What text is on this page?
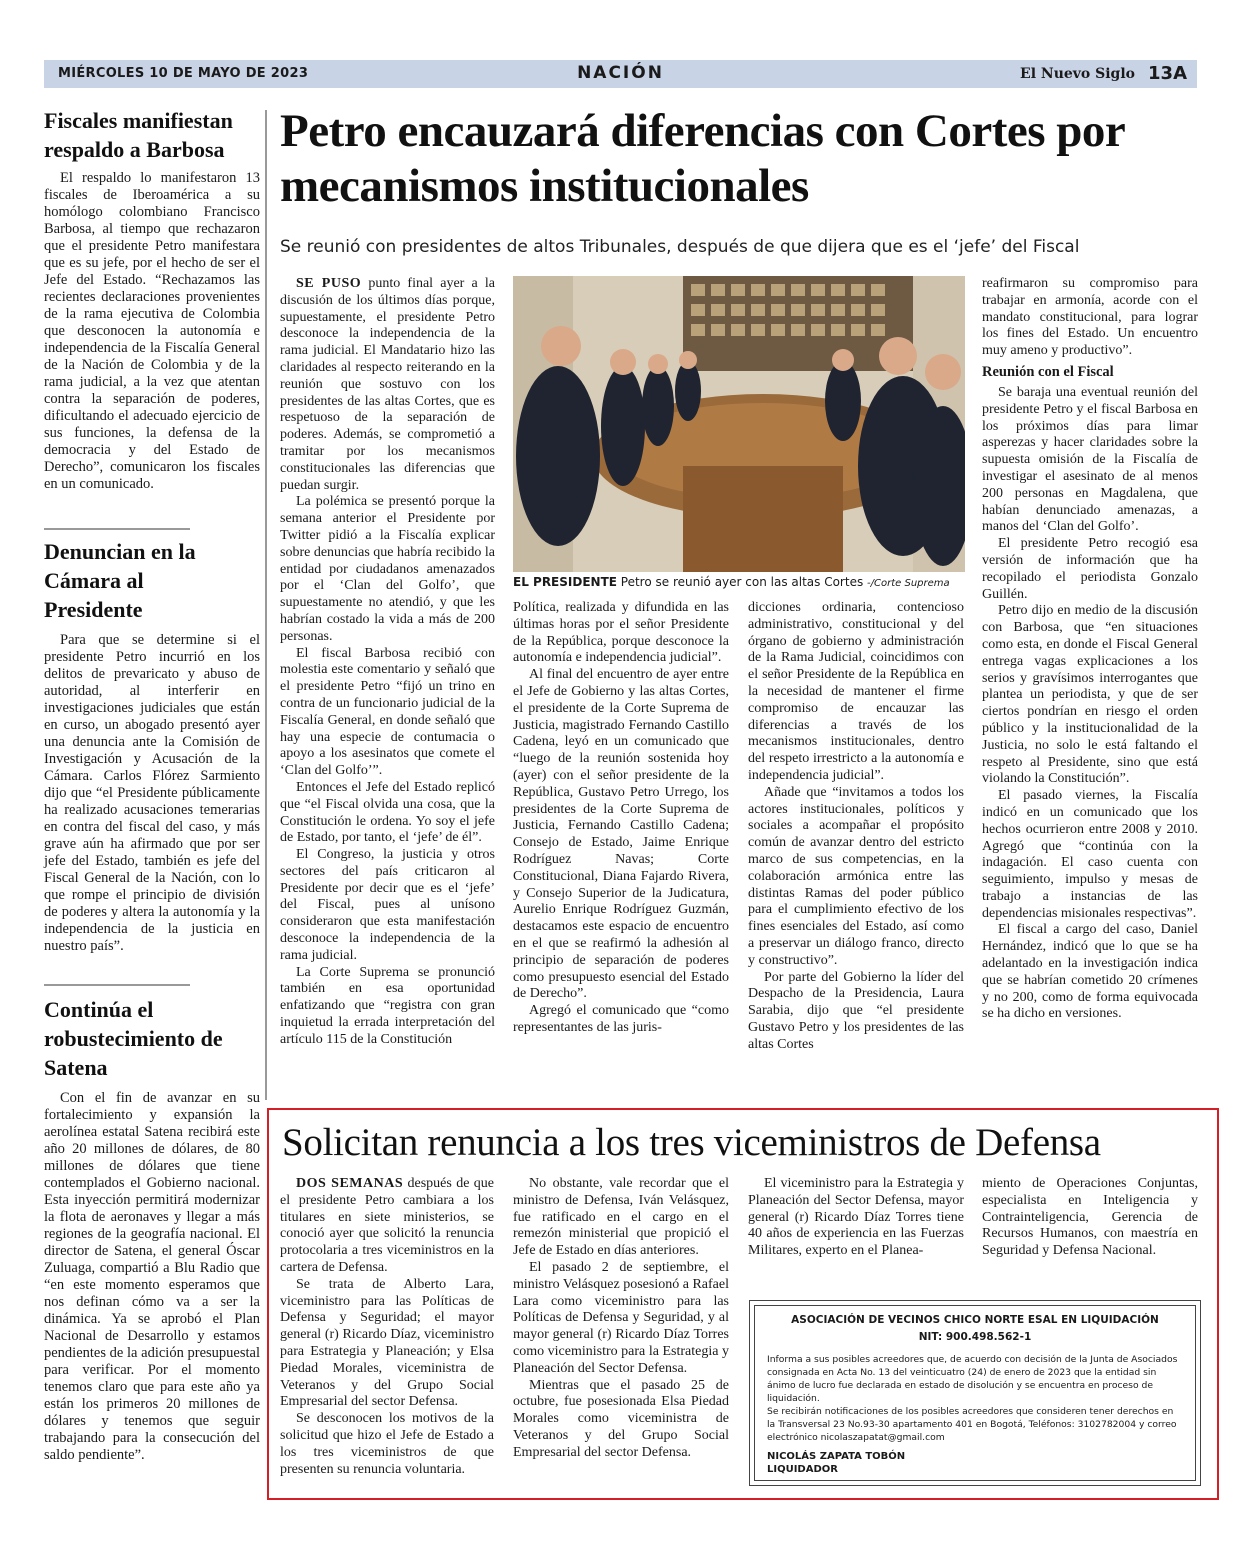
MIÉRCOLES 10 DE MAYO DE 2023	NACIÓN	El Nuevo Siglo 13A
Fiscales manifiestan respaldo a Barbosa

El respaldo lo manifestaron 13 fiscales de Iberoamérica a su homólogo colombiano Francisco Barbosa, al tiempo que rechazaron que el presidente Petro manifestara que es su jefe, por el hecho de ser el Jefe del Estado. “Rechazamos las recientes declaraciones provenientes de la rama ejecutiva de Colombia que desconocen la autonomía e independencia de la Fiscalía General de la Nación de Colombia y de la rama judicial, a la vez que atentan contra la separación de poderes, dificultando el adecuado ejercicio de sus funciones, la defensa de la democracia y del Estado de Derecho”, comunicaron los fiscales en un comunicado.

Denuncian en la Cámara al Presidente

Para que se determine si el presidente Petro incurrió en los delitos de prevaricato y abuso de autoridad, al interferir en investigaciones judiciales que están en curso, un abogado presentó ayer una denuncia ante la Comisión de Investigación y Acusación de la Cámara. Carlos Flórez Sarmiento dijo que “el Presidente públicamente ha realizado acusaciones temerarias en contra del fiscal del caso, y más grave aún ha afirmado que por ser jefe del Estado, también es jefe del Fiscal General de la Nación, con lo que rompe el principio de división de poderes y altera la autonomía y la independencia de la justicia en nuestro país”.

Continúa el robustecimiento de Satena

Con el fin de avanzar en su fortalecimiento y expansión la aerolínea estatal Satena recibirá este año 20 millones de dólares, de 80 millones de dólares que tiene contemplados el Gobierno nacional. Esta inyección permitirá modernizar la flota de aeronaves y llegar a más regiones de la geografía nacional. El director de Satena, el general Óscar Zuluaga, compartió a Blu Radio que “en este momento esperamos que nos definan cómo va a ser la dinámica. Ya se aprobó el Plan Nacional de Desarrollo y estamos pendientes de la adición presupuestal para verificar. Por el momento tenemos claro que para este año ya están los primeros 20 millones de dólares y tenemos que seguir trabajando para la consecución del saldo pendiente”.

Petro encauzará diferencias con Cortes por mecanismos institucionales
Se reunió con presidentes de altos Tribunales, después de que dijera que es el ‘jefe’ del Fiscal

SE PUSO punto final ayer a la discusión de los últimos días porque, supuestamente, el presidente Petro desconoce la independencia de la rama judicial. El Mandatario hizo las claridades al respecto reiterando en la reunión que sostuvo con los presidentes de las altas Cortes, que es respetuoso de la separación de poderes. Además, se comprometió a tramitar por los mecanismos constitucionales las diferencias que puedan surgir.

La polémica se presentó porque la semana anterior el Presidente por Twitter pidió a la Fiscalía explicar sobre denuncias que habría recibido la entidad por ciudadanos amenazados por el ‘Clan del Golfo’, que supuestamente no atendió, y que les habrían costado la vida a más de 200 personas.

El fiscal Barbosa recibió con molestia este comentario y señaló que el presidente Petro “fijó un trino en contra de un funcionario judicial de la Fiscalía General, en donde señaló que hay una especie de contumacia o apoyo a los asesinatos que comete el ‘Clan del Golfo’”.

Entonces el Jefe del Estado replicó que “el Fiscal olvida una cosa, que la Constitución le ordena. Yo soy el jefe de Estado, por tanto, el ‘jefe’ de él”.

El Congreso, la justicia y otros sectores del país criticaron al Presidente por decir que es el ‘jefe’ del Fiscal, pues al unísono consideraron que esta manifestación desconoce la independencia de la rama judicial.

La Corte Suprema se pronunció también en esa oportunidad enfatizando que “registra con gran inquietud la errada interpretación del artículo 115 de la Constitución

EL PRESIDENTE Petro se reunió ayer con las altas Cortes -/Corte Suprema

Política, realizada y difundida en las últimas horas por el señor Presidente de la República, porque desconoce la autonomía e independencia judicial”.

Al final del encuentro de ayer entre el Jefe de Gobierno y las altas Cortes, el presidente de la Corte Suprema de Justicia, magistrado Fernando Castillo Cadena, leyó en un comunicado que “luego de la reunión sostenida hoy (ayer) con el señor presidente de la República, Gustavo Petro Urrego, los presidentes de la Corte Suprema de Justicia, Fernando Castillo Cadena; Consejo de Estado, Jaime Enrique Rodríguez Navas; Corte Constitucional, Diana Fajardo Rivera, y Consejo Superior de la Judicatura, Aurelio Enrique Rodríguez Guzmán, destacamos este espacio de encuentro en el que se reafirmó la adhesión al principio de separación de poderes como presupuesto esencial del Estado de Derecho”.

Agregó el comunicado que “como representantes de las juris-

dicciones ordinaria, contencioso administrativo, constitucional y del órgano de gobierno y administración de la Rama Judicial, coincidimos con el señor Presidente de la República en la necesidad de mantener el firme compromiso de encauzar las diferencias a través de los mecanismos institucionales, dentro del respeto irrestricto a la autonomía e independencia judicial”.

Añade que “invitamos a todos los actores institucionales, políticos y sociales a acompañar el propósito común de avanzar dentro del estricto marco de sus competencias, en la colaboración armónica entre las distintas Ramas del poder público para el cumplimiento efectivo de los fines esenciales del Estado, así como a preservar un diálogo franco, directo y constructivo”.

Por parte del Gobierno la líder del Despacho de la Presidencia, Laura Sarabia, dijo que “el presidente Gustavo Petro y los presidentes de las altas Cortes

reafirmaron su compromiso para trabajar en armonía, acorde con el mandato constitucional, para lograr los fines del Estado. Un encuentro muy ameno y productivo”.

Reunión con el Fiscal

Se baraja una eventual reunión del presidente Petro y el fiscal Barbosa en los próximos días para limar asperezas y hacer claridades sobre la supuesta omisión de la Fiscalía de investigar el asesinato de al menos 200 personas en Magdalena, que habían denunciado amenazas, a manos del ‘Clan del Golfo’.

El presidente Petro recogió esa versión de información que ha recopilado el periodista Gonzalo Guillén.

Petro dijo en medio de la discusión con Barbosa, que “en situaciones como esta, en donde el Fiscal General entrega vagas explicaciones a los serios y gravísimos interrogantes que plantea un periodista, y que de ser ciertos pondrían en riesgo el orden público y la institucionalidad de la Justicia, no solo le está faltando el respeto al Presidente, sino que está violando la Constitución”.

El pasado viernes, la Fiscalía indicó en un comunicado que los hechos ocurrieron entre 2008 y 2010. Agregó que “continúa con la indagación. El caso cuenta con seguimiento, impulso y mesas de trabajo a instancias de las dependencias misionales respectivas”.

El fiscal a cargo del caso, Daniel Hernández, indicó que lo que se ha adelantado en la investigación indica que se habrían cometido 20 crímenes y no 200, como de forma equivocada se ha dicho en versiones.

Solicitan renuncia a los tres viceministros de Defensa

DOS SEMANAS después de que el presidente Petro cambiara a los titulares en siete ministerios, se conoció ayer que solicitó la renuncia protocolaria a tres viceministros en la cartera de Defensa.

Se trata de Alberto Lara, viceministro para las Políticas de Defensa y Seguridad; el mayor general (r) Ricardo Díaz, viceministro para Estrategia y Planeación; y Elsa Piedad Morales, viceministra de Veteranos y del Grupo Social Empresarial del sector Defensa.

Se desconocen los motivos de la solicitud que hizo el Jefe de Estado a los tres viceministros de que presenten su renuncia voluntaria.

No obstante, vale recordar que el ministro de Defensa, Iván Velásquez, fue ratificado en el cargo en el remezón ministerial que propició el Jefe de Estado en días anteriores.

El pasado 2 de septiembre, el ministro Velásquez posesionó a Rafael Lara como viceministro para las Políticas de Defensa y Seguridad, y al mayor general (r) Ricardo Díaz Torres como viceministro para la Estrategia y Planeación del Sector Defensa.

Mientras que el pasado 25 de octubre, fue posesionada Elsa Piedad Morales como viceministra de Veteranos y del Grupo Social Empresarial del sector Defensa.

El viceministro para la Estrategia y Planeación del Sector Defensa, mayor general (r) Ricardo Díaz Torres tiene 40 años de experiencia en las Fuerzas Militares, experto en el Planea-

miento de Operaciones Conjuntas, especialista en Inteligencia y Contrainteligencia, Gerencia de Recursos Humanos, con maestría en Seguridad y Defensa Nacional.

ASOCIACIÓN DE VECINOS CHICO NORTE ESAL EN LIQUIDACIÓN
NIT: 900.498.562-1
Informa a sus posibles acreedores que, de acuerdo con decisión de la Junta de Asociados consignada en Acta No. 13 del veinticuatro (24) de enero de 2023 que la entidad sin ánimo de lucro fue declarada en estado de disolución y se encuentra en proceso de liquidación.
Se recibirán notificaciones de los posibles acreedores que consideren tener derechos en la Transversal 23 No.93-30 apartamento 401 en Bogotá, Teléfonos: 3102782004 y correo electrónico nicolaszapatat@gmail.com
NICOLÁS ZAPATA TOBÓN
LIQUIDADOR
